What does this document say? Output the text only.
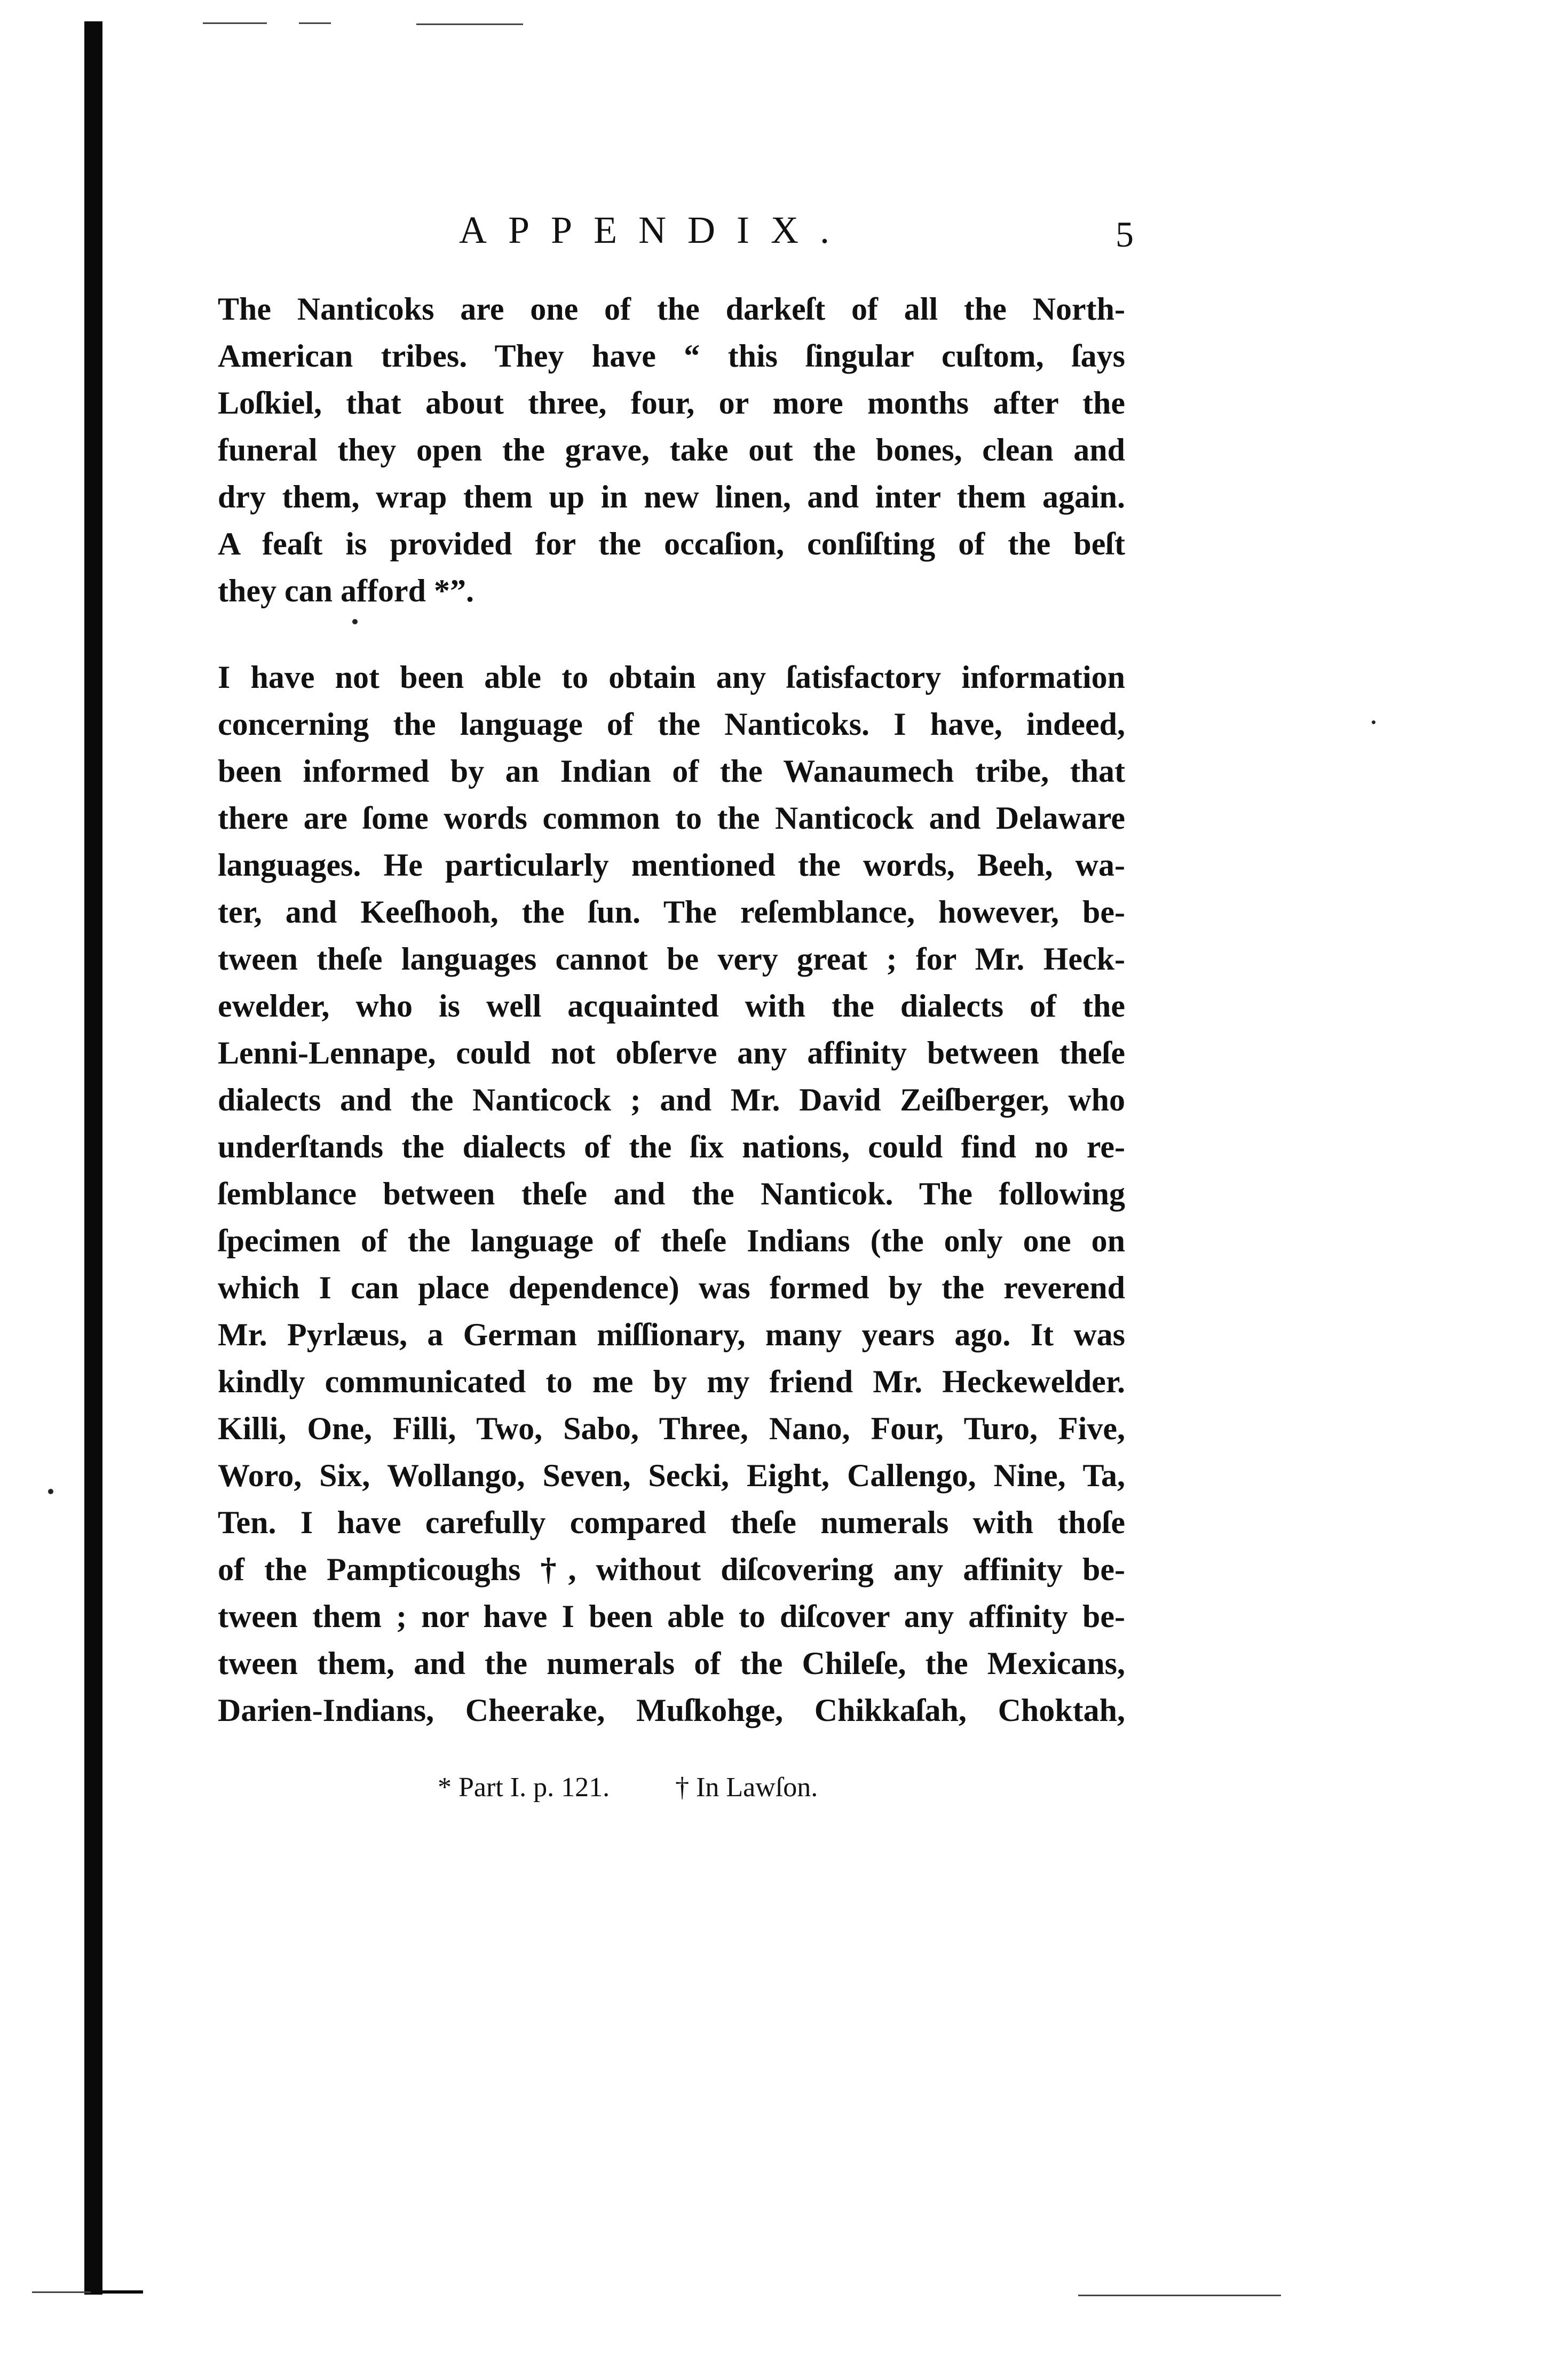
APPENDIX.	5
The Nanticoks are one of the darkeſt of all the North-
American tribes. They have “ this ſingular cuſtom, ſays
Loſkiel, that about three, four, or more months after the
funeral they open the grave, take out the bones, clean and
dry them, wrap them up in new linen, and inter them again.
A feaſt is provided for the occaſion, conſiſting of the beſt
they can afford *”.
I have not been able to obtain any ſatisfactory information
concerning the language of the Nanticoks. I have, indeed,
been informed by an Indian of the Wanaumech tribe, that
there are ſome words common to the Nanticock and Delaware
languages. He particularly mentioned the words, Beeh, wa-
ter, and Keeſhooh, the ſun. The reſemblance, however, be-
tween theſe languages cannot be very great ; for Mr. Heck-
ewelder, who is well acquainted with the dialects of the
Lenni-Lennape, could not obſerve any affinity between theſe
dialects and the Nanticock ; and Mr. David Zeiſberger, who
underſtands the dialects of the ſix nations, could find no re-
ſemblance between theſe and the Nanticok. The following
ſpecimen of the language of theſe Indians (the only one on
which I can place dependence) was formed by the reverend
Mr. Pyrlæus, a German miſſionary, many years ago. It was
kindly communicated to me by my friend Mr. Heckewelder.
Killi, One, Filli, Two, Sabo, Three, Nano, Four, Turo, Five,
Woro, Six, Wollango, Seven, Secki, Eight, Callengo, Nine, Ta,
Ten. I have carefully compared theſe numerals with thoſe
of the Pampticoughs †, without diſcovering any affinity be-
tween them ; nor have I been able to diſcover any affinity be-
tween them, and the numerals of the Chileſe, the Mexicans,
Darien-Indians, Cheerake, Muſkohge, Chikkaſah, Choktah,
* Part I. p. 121. † In Lawſon.
